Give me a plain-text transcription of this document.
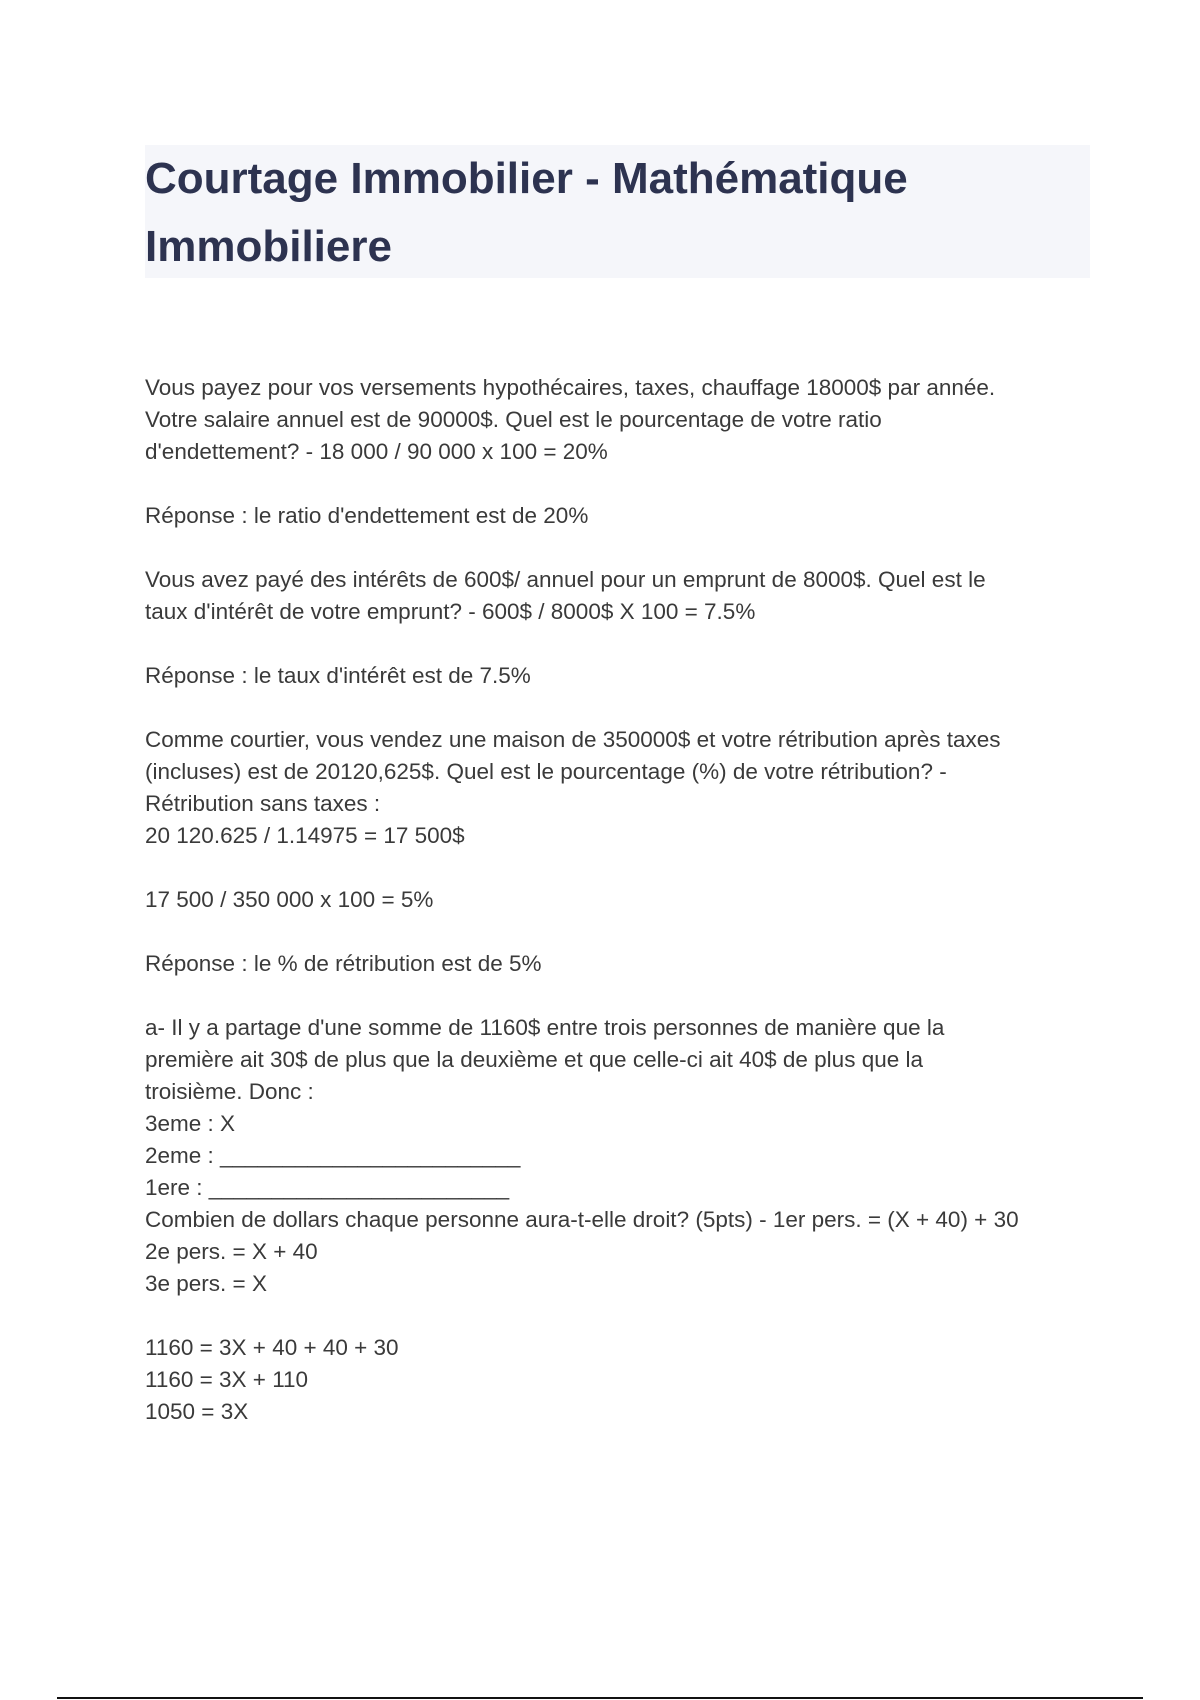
Courtage Immobilier - Mathématique
Immobiliere

Vous payez pour vos versements hypothécaires, taxes, chauffage 18000$ par année.
Votre salaire annuel est de 90000$. Quel est le pourcentage de votre ratio
d'endettement? - 18 000 / 90 000 x 100 = 20%

Réponse : le ratio d'endettement est de 20%

Vous avez payé des intérêts de 600$/ annuel pour un emprunt de 8000$. Quel est le
taux d'intérêt de votre emprunt? - 600$ / 8000$ X 100 = 7.5%

Réponse : le taux d'intérêt est de 7.5%

Comme courtier, vous vendez une maison de 350000$ et votre rétribution après taxes
(incluses) est de 20120,625$. Quel est le pourcentage (%) de votre rétribution? -
Rétribution sans taxes :
20 120.625 / 1.14975 = 17 500$

17 500 / 350 000 x 100 = 5%

Réponse : le % de rétribution est de 5%

a- Il y a partage d'une somme de 1160$ entre trois personnes de manière que la
première ait 30$ de plus que la deuxième et que celle-ci ait 40$ de plus que la
troisième. Donc :
3eme : X
2eme : ________________________
1ere : ________________________
Combien de dollars chaque personne aura-t-elle droit? (5pts) - 1er pers. = (X + 40) + 30
2e pers. = X + 40
3e pers. = X

1160 = 3X + 40 + 40 + 30
1160 = 3X + 110
1050 = 3X
